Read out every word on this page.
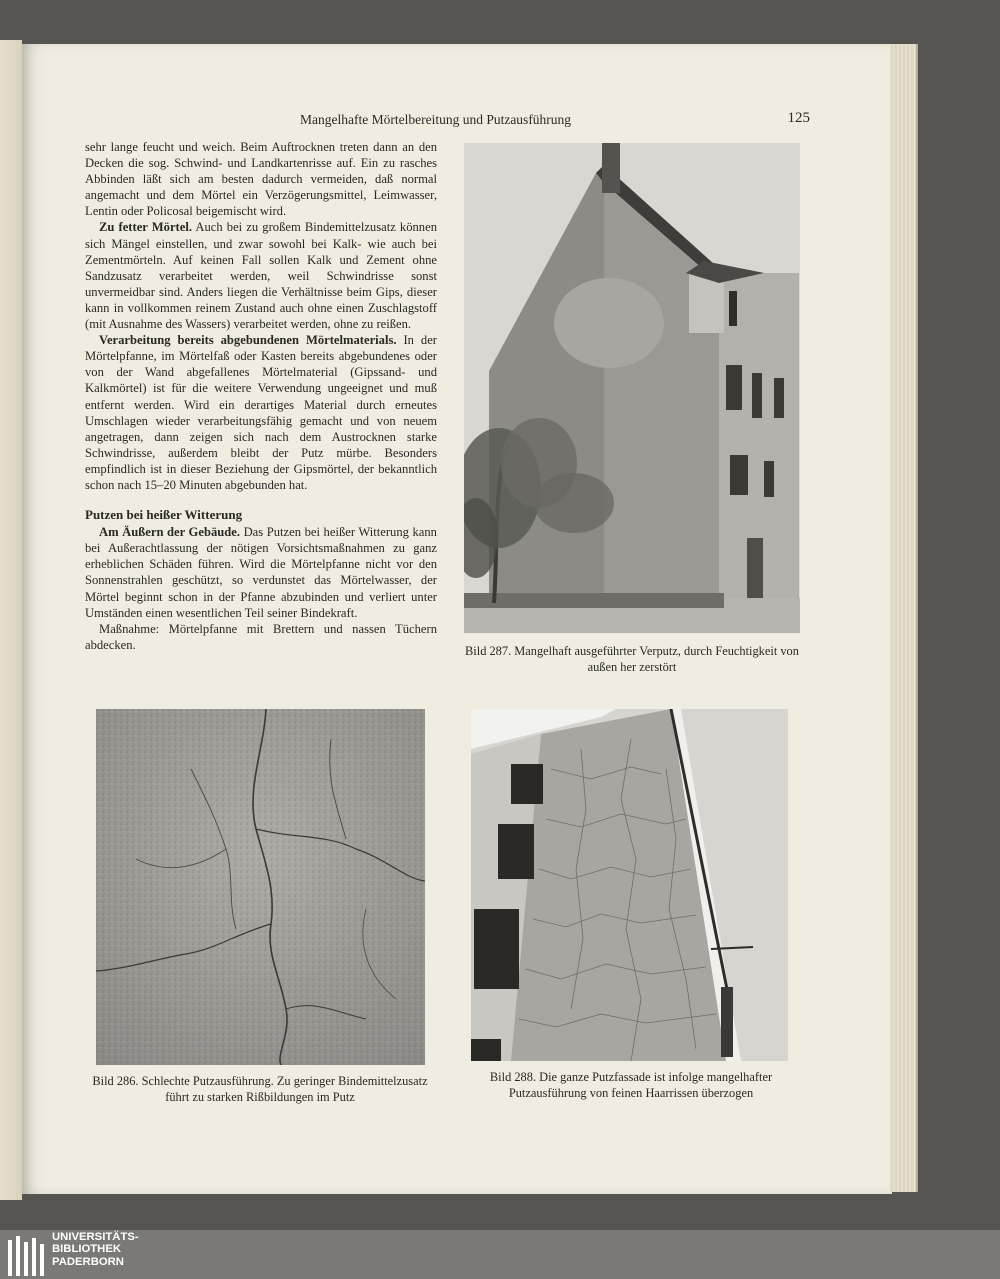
Mangelhafte Mörtelbereitung und Putzausführung	125

sehr lange feucht und weich. Beim Auftrocknen treten dann an den Decken die sog. Schwind- und Landkartenrisse auf. Ein zu rasches Abbinden läßt sich am besten dadurch vermeiden, daß normal angemacht und dem Mörtel ein Verzögerungsmittel, Leimwasser, Lentin oder Policosal beigemischt wird.

Zu fetter Mörtel. Auch bei zu großem Bindemittelzusatz können sich Mängel einstellen, und zwar sowohl bei Kalk- wie auch bei Zementmörteln. Auf keinen Fall sollen Kalk und Zement ohne Sandzusatz verarbeitet werden, weil Schwindrisse sonst unvermeidbar sind. Anders liegen die Verhältnisse beim Gips, dieser kann in vollkommen reinem Zustand auch ohne einen Zuschlagstoff (mit Ausnahme des Wassers) verarbeitet werden, ohne zu reißen.

Verarbeitung bereits abgebundenen Mörtelmaterials. In der Mörtelpfanne, im Mörtelfaß oder Kasten bereits abgebundenes oder von der Wand abgefallenes Mörtelmaterial (Gipssand- und Kalkmörtel) ist für die weitere Verwendung ungeeignet und muß entfernt werden. Wird ein derartiges Material durch erneutes Umschlagen wieder verarbeitungsfähig gemacht und von neuem angetragen, dann zeigen sich nach dem Austrocknen starke Schwindrisse, außerdem bleibt der Putz mürbe. Besonders empfindlich ist in dieser Beziehung der Gipsmörtel, der bekanntlich schon nach 15–20 Minuten abgebunden hat.

Putzen bei heißer Witterung

Am Äußern der Gebäude. Das Putzen bei heißer Witterung kann bei Außerachtlassung der nötigen Vorsichtsmaßnahmen zu ganz erheblichen Schäden führen. Wird die Mörtelpfanne nicht vor den Sonnenstrahlen geschützt, so verdunstet das Mörtelwasser, der Mörtel beginnt schon in der Pfanne abzubinden und verliert unter Umständen einen wesentlichen Teil seiner Bindekraft.

Maßnahme: Mörtelpfanne mit Brettern und nassen Tüchern abdecken.	Bild 287. Mangelhaft ausgeführter Verputz, durch Feuchtigkeit von außen her zerstört
Bild 286. Schlechte Putzausführung. Zu geringer Bindemittelzusatz führt zu starken Rißbildungen im Putz
Bild 288. Die ganze Putzfassade ist infolge mangelhafter Putzausführung von feinen Haarrissen überzogen
UNIVERSITÄTS-
BIBLIOTHEK
PADERBORN
